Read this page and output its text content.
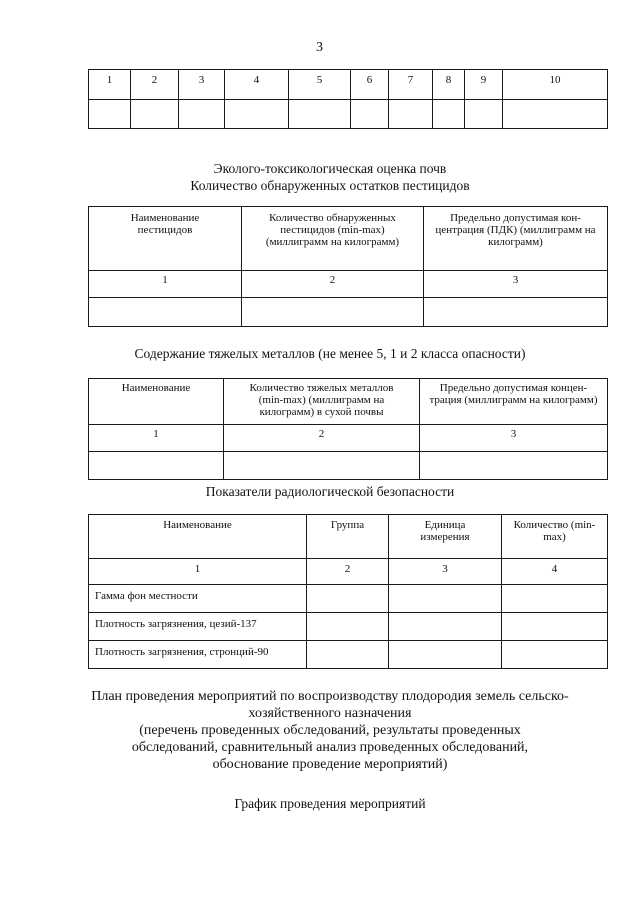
3
1	2	3	4	5	6	7	8	9	10

Эколого-токсикологическая оценка почв
Количество обнаруженных остатков пестицидов
Наименование пестицидов	Количество обнаруженных пестицидов (min-max) (миллиграмм на килограмм)	Предельно допустимая кон- центрация (ПДК) (миллиграмм на килограмм)
1	2	3

Содержание тяжелых металлов (не менее 5, 1 и 2 класса опасности)
Наименование	Количество тяжелых металлов (min-max) (миллиграмм на килограмм) в сухой почвы	Предельно допустимая концен- трация (миллиграмм на килограмм)
1	2	3

Показатели радиологической безопасности
Наименование	Группа	Единица измерения	Количество (min-max)
1	2	3	4
Гамма фон местности			
Плотность загрязнения, цезий-137			
Плотность загрязнения, стронций-90			
План проведения мероприятий по воспроизводству плодородия земель сельско-
хозяйственного назначения
(перечень проведенных обследований, результаты проведенных
обследований, сравнительный анализ проведенных обследований,
обоснование проведение мероприятий)
График проведения мероприятий
